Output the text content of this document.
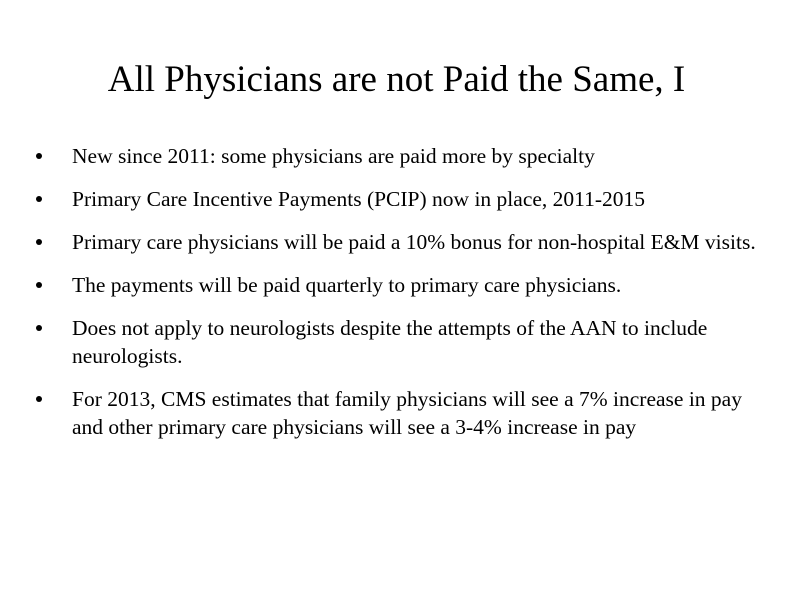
All Physicians are not Paid the Same, I
New since 2011: some physicians are paid more by specialty
Primary Care Incentive Payments (PCIP) now in place, 2011-2015
Primary care physicians will be paid a 10% bonus for non-hospital E&M visits.
The payments will be paid quarterly to primary care physicians.
Does not apply to neurologists despite the attempts of the AAN to include neurologists.
For 2013, CMS estimates that family physicians will see a 7% increase in pay and other primary care physicians will see a 3-4% increase in pay
